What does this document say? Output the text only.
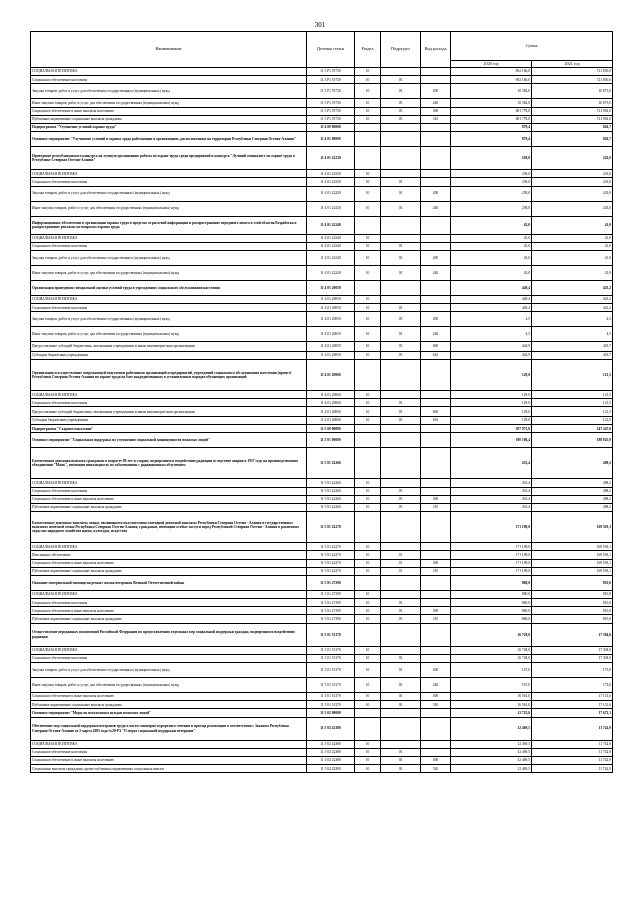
301
Наименование	Целевая статья	Раздел	Подраздел	Вид расхода	Сумма	
					2020 год	2021 год
СОЦИАЛЬНАЯ ПОЛИТИКА	11 3 Р1 55730	10			692 166,0	721 850,0
Социальное обеспечение населения	11 3 Р1 55730	10	03		692 166,0	721 850,0
Закупка товаров, работ и услуг для обеспечения государственных (муниципальных) нужд	11 3 Р1 55730	10	03	200	10 382,0	10 873,0
Иные закупки товаров, работ и услуг для обеспечения государственных (муниципальных) нужд	11 3 Р1 55730	10	03	240	10 382,0	10 873,0
Социальное обеспечение и иные выплаты населению	11 3 Р1 55730	10	03	300	681 778,0	721 902,0
Публичные нормативные социальные выплаты гражданам	11 3 Р1 55730	10	03	310	681 778,0	721 902,0
Подпрограмма "Улучшение условий охраны труда"	11 4 00 00000				879,4	826,7
Основное мероприятие "Улучшение условий и охраны труда работающих в организациях, расположенных на территории Республики Северная Осетия-Алания"	11 4 01 00000				879,4	826,7
Проведение республиканского конкурса на лучшую организацию работы по охране труда среди предприятий и конкурса "Лучший специалист по охране труда в Республике Северная Осетия-Алания"	11 4 01 22230				258,0	243,0
СОЦИАЛЬНАЯ ПОЛИТИКА	11 4 01 22230	10			258,0	243,0
Социальное обеспечение населения	11 4 01 22230	10	03		258,0	243,0
Закупка товаров, работ и услуг для обеспечения государственных (муниципальных) нужд	11 4 01 22230	10	03	200	258,0	243,0
Иные закупки товаров, работ и услуг для обеспечения государственных (муниципальных) нужд	11 4 01 22230	10	03	240	258,0	243,0
Информационное обеспечение в организации охраны труда в пределах отраслевой информации и распространение передового опыта в этой области.Разработка и распространение рекламы по вопросам охраны труда	11 4 01 22240				43,0	41,0
СОЦИАЛЬНАЯ ПОЛИТИКА	11 4 01 22240	10			43,0	41,0
Социальное обеспечение населения	11 4 01 22240	10	03		43,0	41,0
Закупка товаров, работ и услуг для обеспечения государственных (муниципальных) нужд	11 4 01 22240	10	03	200	43,0	41,0
Иные закупки товаров, работ и услуг для обеспечения государственных (муниципальных) нужд	11 4 01 22240	10	03	240	43,0	41,0
Организация проведения специальной оценки условий труда в учреждениях социального обслуживания населения	11 4 01 20050				449,4	423,2
СОЦИАЛЬНАЯ ПОЛИТИКА	11 4 01 20050	10			449,4	423,2
Социальное обеспечение населения	11 4 01 20050	10	03		449,4	423,2
Закупка товаров, работ и услуг для обеспечения государственных (муниципальных) нужд	11 4 01 20050	10	03	200	4,5	4,5
Иные закупки товаров, работ и услуг для обеспечения государственных (муниципальных) нужд	11 4 01 20050	10	03	240	4,5	4,5
Предоставление субсидий бюджетным, автономным учреждениям и иным некоммерческим организациям	11 4 01 20050	10	03	600	444,9	418,7
Субсидии бюджетным учреждениям	11 4 01 20050	10	03	610	444,9	418,7
Организация и осуществление опережающей подготовки работников организаций и предприятий, учреждений социального обслуживания населения (проект) Республики Северная Осетия-Алания по охране труда на базе аккредитованных в установленном порядке обучающих организаций	11 4 01 20060				129,0	121,5
СОЦИАЛЬНАЯ ПОЛИТИКА	11 4 01 20060	10			129,0	121,5
Социальное обеспечение населения	11 4 01 20060	10	03		129,0	121,5
Предоставление субсидий бюджетным, автономным учреждениям и иным некоммерческим организациям	11 4 01 20060	10	03	600	129,0	121,5
Субсидии бюджетным учреждениям	11 4 01 20060	10	03	610	129,0	121,5
Подпрограмма "Старшее поколение"	11 5 00 00000				507 971,8	547 347,0
Основное мероприятие "Социальная поддержка по улучшению социальной защищенности пожилых людей"	11 5 01 00000				190 186,4	188 025,9
Ежемесячная денежная выплата гражданам в возрасте 80 лет и старше, подвергшимся воздействию радиации вследствие аварии в 1957 году на производственном объединении "Маяк", имеющим инвалидность по заболеваниям с радиационным облучением	11 5 01 22260				433,4	408,2
СОЦИАЛЬНАЯ ПОЛИТИКА	11 5 01 22260	10			433,4	408,2
Социальное обеспечение населения	11 5 01 22260	10	03		433,4	408,2
Социальное обеспечение и иные выплаты населению	11 5 01 22260	10	03	300	433,4	408,2
Публичные нормативные социальные выплаты гражданам	11 5 01 22260	10	03	310	433,4	408,2
Ежемесячные денежные выплаты лицам, являющимся получателями ежегодной денежной выплаты Республики Северная Осетия - Алания в государственных выплатах почетной семьи Республики Северная Осетия-Алания, гражданам, имеющим особые заслуги перед Республикой Северная Осетия - Алания в различных отраслях народного хозяйства науки, культуры, искусства	11 5 01 22270				171 109,0	169 503,1
СОЦИАЛЬНАЯ ПОЛИТИКА	11 5 01 22270	10			171 109,0	169 503,1
Пенсионное обеспечение	11 5 01 22270	10	01		171 109,0	169 503,1
Социальное обеспечение и иные выплаты населению	11 5 01 22270	10	01	300	171 109,0	169 503,1
Публичные нормативные социальные выплаты гражданам	11 5 01 22270	10	01	310	171 109,0	169 503,1
Оказание материальной помощи на ремонт жилья ветеранам Великой Отечественной войны	11 5 01 27290				860,0	810,0
СОЦИАЛЬНАЯ ПОЛИТИКА	11 5 01 27290	10			860,0	810,0
Социальное обеспечение населения	11 5 01 27290	10	03		860,0	810,0
Социальное обеспечение и иные выплаты населению	11 5 01 27290	10	03	300	860,0	810,0
Публичные нормативные социальные выплаты гражданам	11 5 01 27290	10	03	310	860,0	810,0
Осуществление переданных полномочий Российской Федерации по предоставлению отдельных мер социальной поддержки граждан, подвергшихся воздействию радиации	11 5 01 51370				16 728,0	17 304,6
СОЦИАЛЬНАЯ ПОЛИТИКА	11 5 01 51370	10			16 728,0	17 304,6
Социальное обеспечение населения	11 5 01 51370	10	03		16 728,0	17 304,6
Закупка товаров, работ и услуг для обеспечения государственных (муниципальных) нужд	11 5 01 51370	10	03	200	167,0	173,0
Иные закупки товаров, работ и услуг для обеспечения государственных (муниципальных) нужд	11 5 01 51370	10	03	240	167,0	173,0
Социальное обеспечение и иные выплаты населению	11 5 01 51370	10	03	300	16 561,0	17 131,6
Публичные нормативные социальные выплаты гражданам	11 5 01 51370	10	03	310	16 561,0	17 131,6
Основное мероприятие "Меры по неотложным нуждам пожилых людей"	11 5 02 00000				12 725,6	17 672,1
Обеспечение мер социальной поддержки ветеранов труда в части санаторно-курортного лечения и проезда реализации в соответствии с Законом Республики Северная Осетия-Алания от 2 марта 2005 года №20-РЗ "О мерах социальной поддержки ветеранов"	11 5 02 22380				12 469,5	11 742,9
СОЦИАЛЬНАЯ ПОЛИТИКА	11 5 02 22380	10			12 469,5	11 742,9
Социальное обеспечение населения	11 5 02 22380	10	03		12 469,5	11 742,9
Социальное обеспечение и иные выплаты населению	11 5 02 22380	10	03	300	12 469,5	11 742,9
Социальные выплаты гражданам, кроме публичных нормативных социальных выплат	11 5 02 22380	10	03	320	12 469,5	11 742,9
